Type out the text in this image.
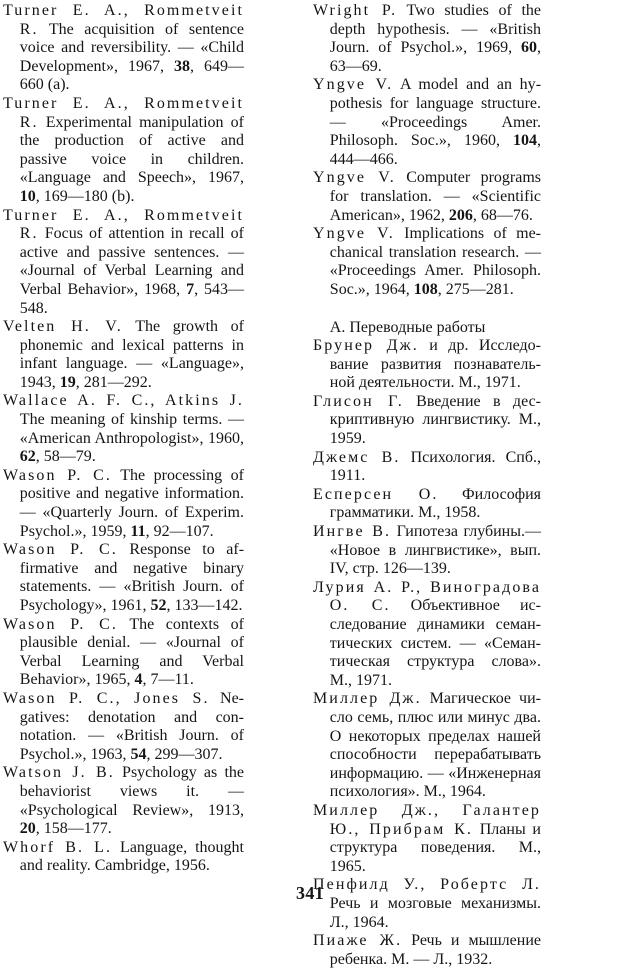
Turner E. A., Rommetveit R. The acquisition of sentence voice and reversibility. — «Child Development», 1967, 38, 649—660 (a).

Turner E. A., Rommetveit R. Experimental manipulation of the production of active and passive voice in children. «Language and Speech», 1967, 10, 169—180 (b).

Turner E. A., Rommetveit R. Focus of attention in recall of active and passive sentences. — «Journal of Verbal Learning and Verbal Behavior», 1968, 7, 543—548.

Velten H. V. The growth of phonemic and lexical patterns in infant language. — «Language», 1943, 19, 281—292.

Wallace A. F. C., Atkins J. The meaning of kinship terms. — «American Anthropologist», 1960, 62, 58—79.

Wason P. C. The processing of positive and negative information. — «Quarterly Journ. of Experim. Psychol.», 1959, 11, 92—107.

Wason P. C. Response to affirmative and negative binary statements. — «British Journ. of Psychology», 1961, 52, 133—142.

Wason P. C. The contexts of plausible denial. — «Journal of Verbal Learning and Verbal Behavior», 1965, 4, 7—11.

Wason P. C., Jones S. Negatives: denotation and connotation. — «British Journ. of Psychol.», 1963, 54, 299—307.

Watson J. B. Psychology as the behaviorist views it. — «Psychological Review», 1913, 20, 158—177.

Whorf B. L. Language, thought and reality. Cambridge, 1956.

Wright P. Two studies of the depth hypothesis. — «British Journ. of Psychol.», 1969, 60, 63—69.

Yngve V. A model and an hypothesis for language structure. — «Proceedings Amer. Philosoph. Soc.», 1960, 104, 444—466.

Yngve V. Computer programs for translation. — «Scientific American», 1962, 206, 68—76.

Yngve V. Implications of mechanical translation research. — «Proceedings Amer. Philosoph. Soc.», 1964, 108, 275—281.

А. Переводные работы

Брунер Дж. и др. Исследование развития познавательной деятельности. М., 1971.

Глисон Г. Введение в дескриптивную лингвистику. М., 1959.

Джемс В. Психология. Спб., 1911.

Есперсен О. Философия грамматики. М., 1958.

Ингве В. Гипотеза глубины.— «Новое в лингвистике», вып. IV, стр. 126—139.

Лурия А. Р., Виноградова О. С. Объективное исследование динамики семантических систем. — «Семантическая структура слова». М., 1971.

Миллер Дж. Магическое число семь, плюс или минус два. О некоторых пределах нашей способности перерабатывать информацию. — «Инженерная психология». М., 1964.

Миллер Дж., Галантер Ю., Прибрам К. Планы и структура поведения. М., 1965.

Пенфилд У., Робертс Л. Речь и мозговые механизмы. Л., 1964.

Пиаже Ж. Речь и мышление ребенка. М. — Л., 1932.

341
